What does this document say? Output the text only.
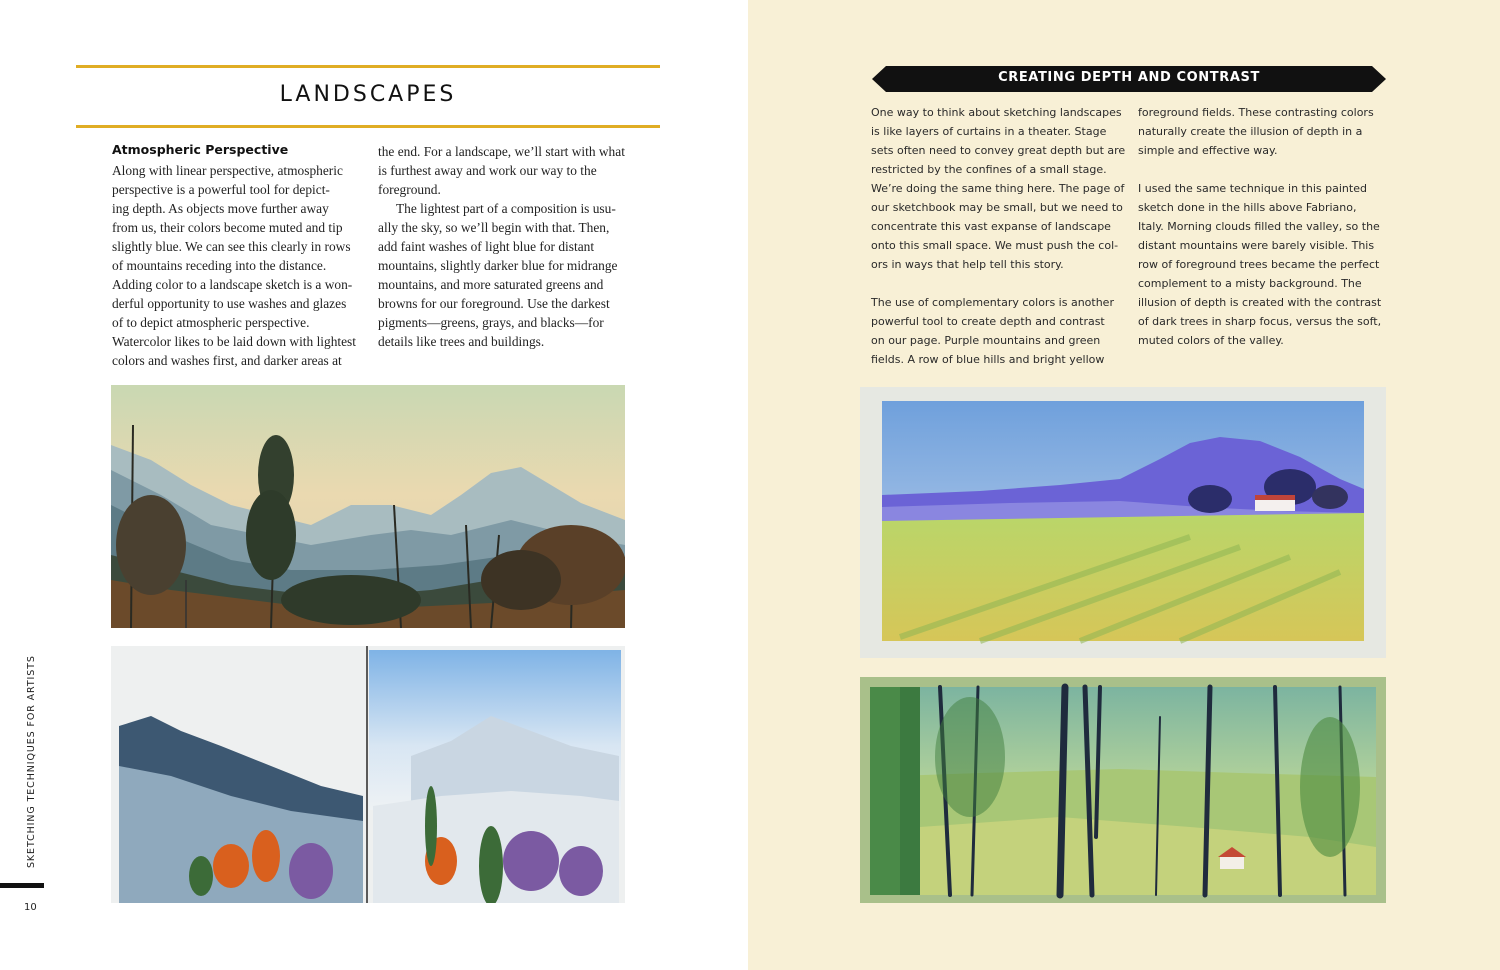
LANDSCAPES
Atmospheric Perspective

Along with linear perspective, atmospheric

perspective is a powerful tool for depict-

ing depth. As objects move further away

from us, their colors become muted and tip

slightly blue. We can see this clearly in rows

of mountains receding into the distance.

Adding color to a landscape sketch is a won-

derful opportunity to use washes and glazes

of to depict atmospheric perspective.

Watercolor likes to be laid down with lightest

colors and washes first, and darker areas at

the end. For a landscape, we’ll start with what

is furthest away and work our way to the

foreground.

The lightest part of a composition is usu-

ally the sky, so we’ll begin with that. Then,

add faint washes of light blue for distant

mountains, slightly darker blue for midrange

mountains, and more saturated greens and

browns for our foreground. Use the darkest

pigments—greens, grays, and blacks—for

details like trees and buildings.

SKETCHING TECHNIQUES FOR ARTISTS
10
CREATING DEPTH AND CONTRAST

One way to think about sketching landscapes

is like layers of curtains in a theater. Stage

sets often need to convey great depth but are

restricted by the confines of a small stage.

We’re doing the same thing here. The page of

our sketchbook may be small, but we need to

concentrate this vast expanse of landscape

onto this small space. We must push the col-

ors in ways that help tell this story.

The use of complementary colors is another

powerful tool to create depth and contrast

on our page. Purple mountains and green

fields. A row of blue hills and bright yellow

foreground fields. These contrasting colors

naturally create the illusion of depth in a

simple and effective way.

I used the same technique in this painted

sketch done in the hills above Fabriano,

Italy. Morning clouds filled the valley, so the

distant mountains were barely visible. This

row of foreground trees became the perfect

complement to a misty background. The

illusion of depth is created with the contrast

of dark trees in sharp focus, versus the soft,

muted colors of the valley.
